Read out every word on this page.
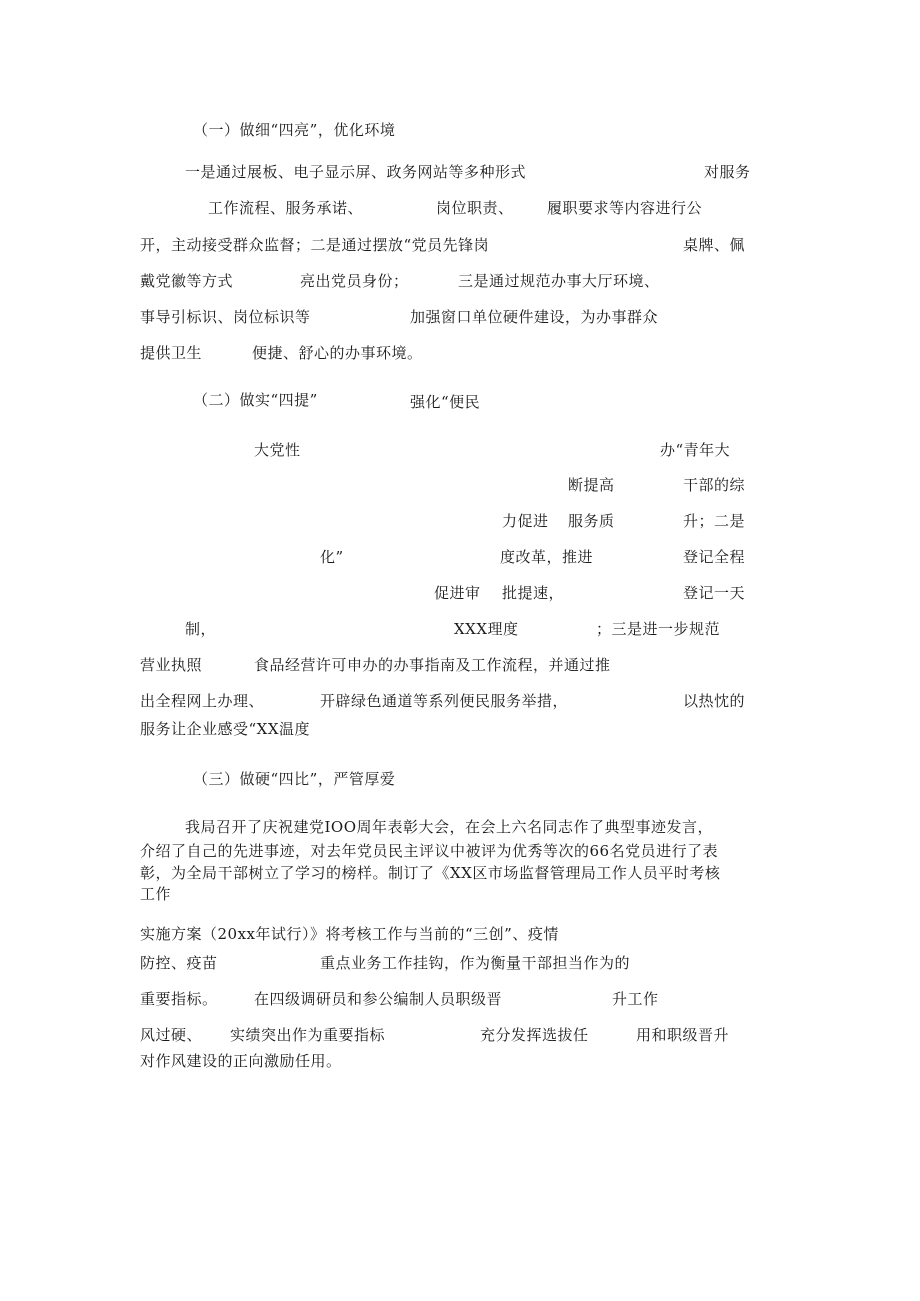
（一）做细“四亮”，优化环境
一是通过展板、电子显示屏、政务网站等多种形式	对服务
工作流程、服务承诺、	岗位职责、 履职要求等内容进行公
开，主动接受群众监督；二是通过摆放“党员先锋岗	桌牌、佩
戴党徽等方式	亮出党员身份；	三是通过规范办事大厅环境、
事导引标识、岗位标识等	加强窗口单位硬件建设，为办事群众
提供卫生	便捷、舒心的办事环境。
（二）做实“四提”	强化“便民
大党性	办“青年大
断提高	干部的综
力促进 服务质	升；二是
化”	度改革，推进	登记全程
促进审 批提速，	登记一天
制，	XXX理度	；三是进一步规范
营业执照	食品经营许可申办的办事指南及工作流程，并通过推
出全程网上办理、	开辟绿色通道等系列便民服务举措，	以热忱的
服务让企业感受“XX温度
（三）做硬“四比”，严管厚爱
我局召开了庆祝建党IOO周年表彰大会，在会上六名同志作了典型事迹发言，
介绍了自己的先进事迹，对去年党员民主评议中被评为优秀等次的66名党员进行了表
彰，为全局干部树立了学习的榜样。制订了《XX区市场监督管理局工作人员平时考核
工作
实施方案（20xx年试行）》将考核工作与当前的“三创”、疫情
防控、疫苗	重点业务工作挂钩，作为衡量干部担当作为的
重要指标。 在四级调研员和参公编制人员职级晋	升工作
风过硬、 实绩突出作为重要指标	充分发挥选拔任	用和职级晋升
对作风建设的正向激励任用。
